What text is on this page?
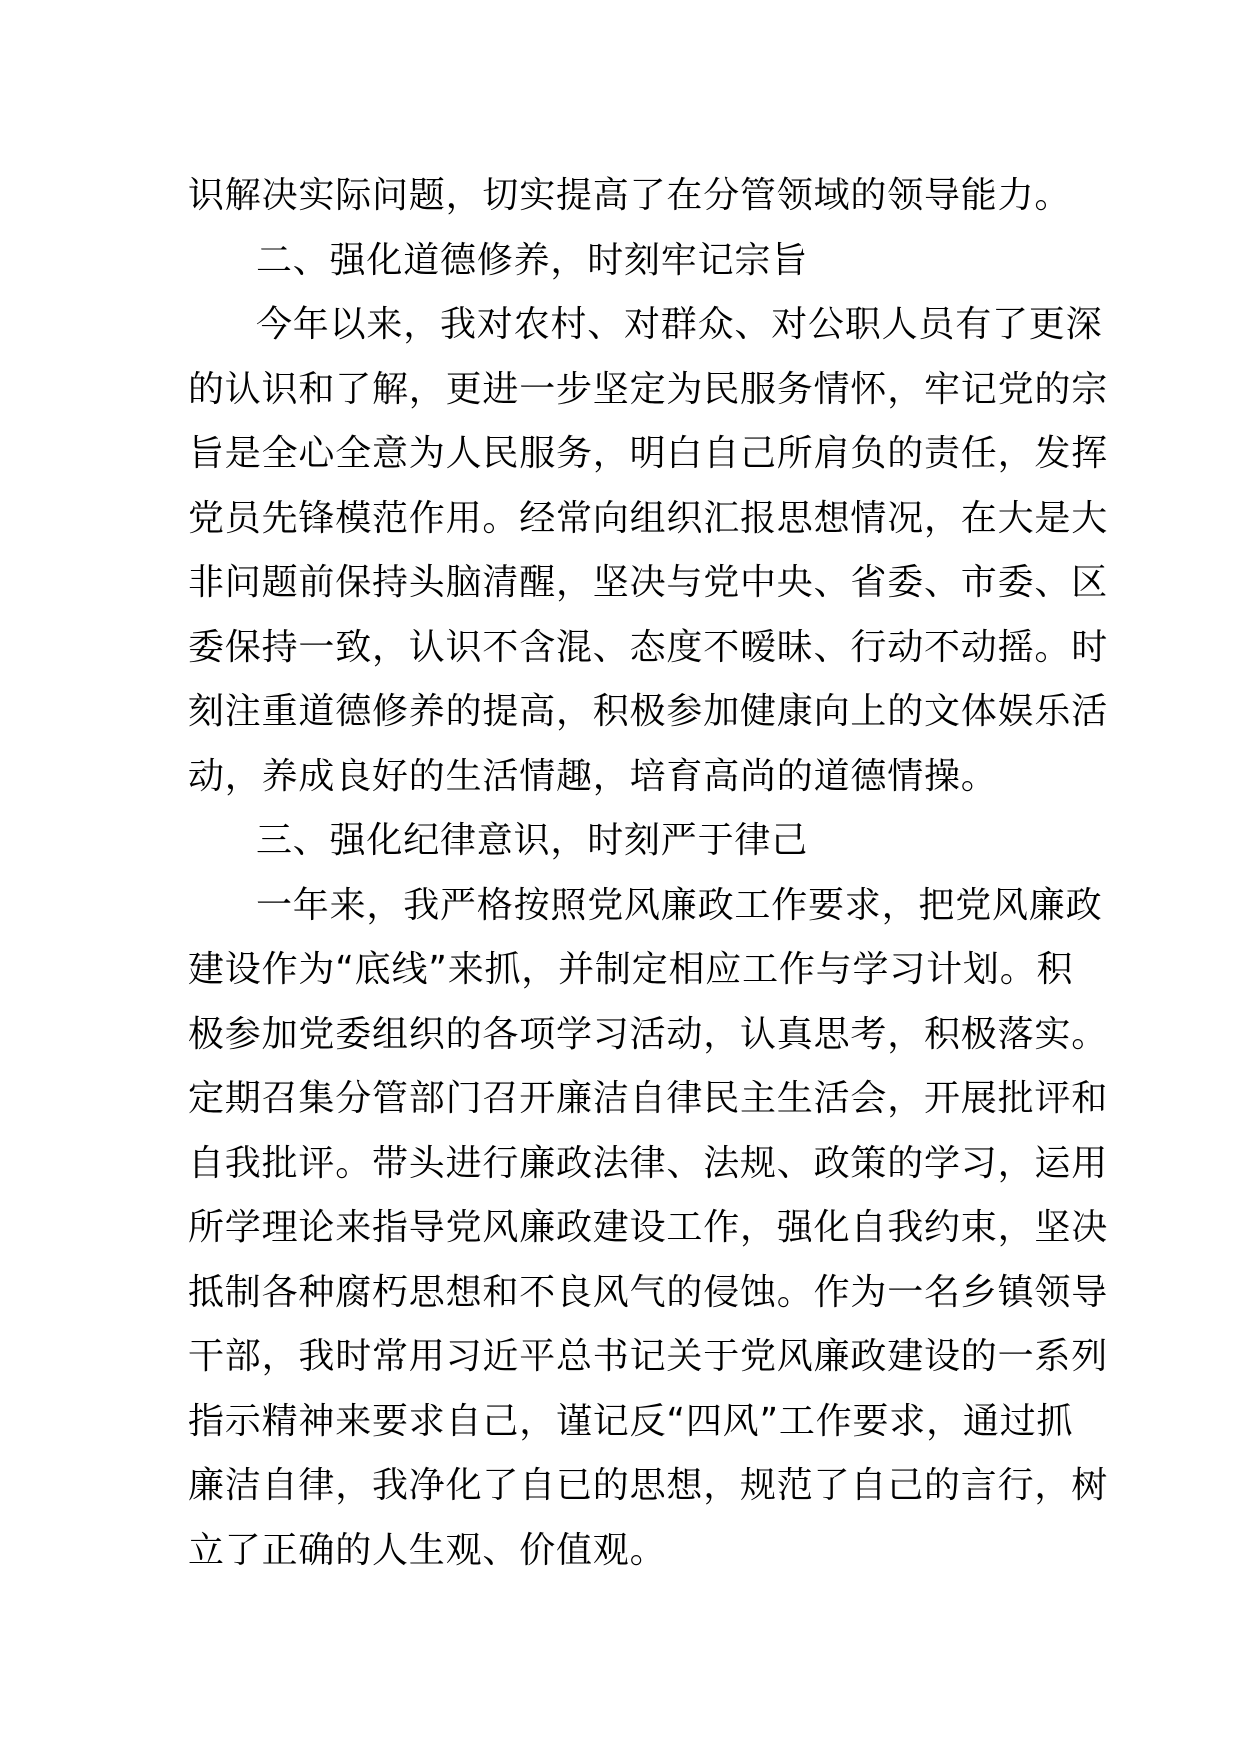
识解决实际问题，切实提高了在分管领域的领导能力。
二、强化道德修养，时刻牢记宗旨
今年以来，我对农村、对群众、对公职人员有了更深
的认识和了解，更进一步坚定为民服务情怀，牢记党的宗
旨是全心全意为人民服务，明白自己所肩负的责任，发挥
党员先锋模范作用。经常向组织汇报思想情况，在大是大
非问题前保持头脑清醒，坚决与党中央、省委、市委、区
委保持一致，认识不含混、态度不暧昧、行动不动摇。时
刻注重道德修养的提高，积极参加健康向上的文体娱乐活
动，养成良好的生活情趣，培育高尚的道德情操。
三、强化纪律意识，时刻严于律己
一年来，我严格按照党风廉政工作要求，把党风廉政
建设作为“底线”来抓，并制定相应工作与学习计划。积
极参加党委组织的各项学习活动，认真思考，积极落实。
定期召集分管部门召开廉洁自律民主生活会，开展批评和
自我批评。带头进行廉政法律、法规、政策的学习，运用
所学理论来指导党风廉政建设工作，强化自我约束，坚决
抵制各种腐朽思想和不良风气的侵蚀。作为一名乡镇领导
干部，我时常用习近平总书记关于党风廉政建设的一系列
指示精神来要求自己，谨记反“四风”工作要求，通过抓
廉洁自律，我净化了自已的思想，规范了自己的言行，树
立了正确的人生观、价值观。
